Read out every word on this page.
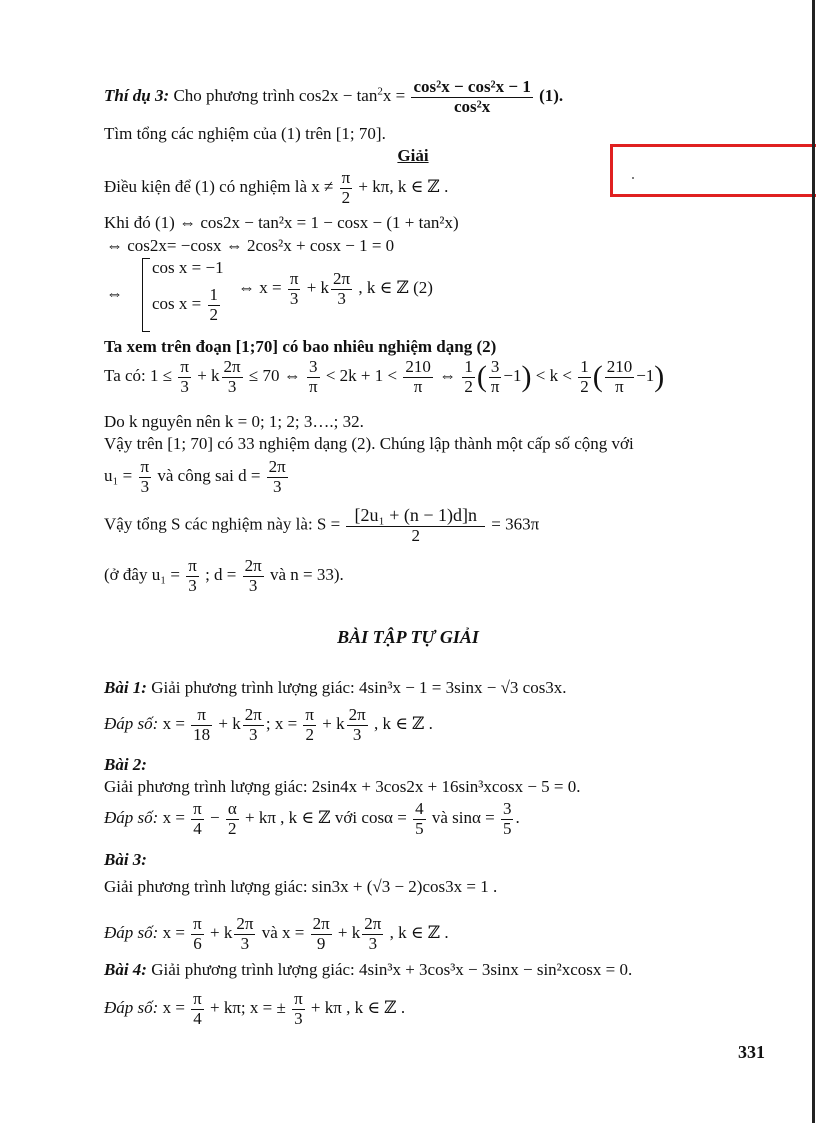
Thí dụ 3: Cho phương trình $\cos 2x - \tan^2x = \frac{\text{cos²x − cos²x − 1}}{\text{cos²x}} (1)$.
Tìm tổng các nghiệm của (1) trên [1; 70].
Giải
Điều kiện để (1) có nghiệm là $x \ne \frac{\pi}{2} + k\pi$, k ∈ ℤ .
Khi đó (1) ⇔ cos2x − tan²x = 1 − cosx − (1 + tan²x)
⇔ cos2x= −cosx ⇔ 2cos²x + cosx − 1 = 0
⇔
cos x = −1
$\cos x = \frac{1}{2}$ ⇔ $x = \frac{\pi}{3} + k \frac{2\pi}{3}$ , k ∈ ℤ (2)
Ta xem trên đoạn [1;70] có bao nhiêu nghiệm dạng (2)
Ta có: $1 \le \frac{\pi}{3} + k \frac{2\pi}{3} \le 70$ ⇔ $\frac{3}{\pi} < 2k + 1 < \frac{210}{\pi}$ ⇔ $\frac{1}{2}$ ( $\frac{3}{\pi} -1) < k < \frac{1}{2}$ ( $\frac{210}{\pi} -1$)
Do k nguyên nên k = 0; 1; 2; 3….; 32.
Vậy trên [1; 70] có 33 nghiệm dạng (2). Chúng lập thành một cấp số cộng với
$u_1 = \frac{\pi}{3}$ và công sai $d = \frac{2\pi}{3}$
Vậy tổng S các nghiệm này là: $S = \frac{\text{[2u₁ + (n − 1)d]n}}{2} = 363\pi$
(ở đây $u_1 = \frac{\pi}{3}$ ; $d = \frac{2\pi}{3}$ và n = 33).
BÀI TẬP TỰ GIẢI
Bài 1: Giải phương trình lượng giác: 4sin³x − 1 = 3sinx − √3 cos3x.
Đáp số: $x = \frac{\pi}{18} + k \frac{2\pi}{3}$ ; $x = \frac{\pi}{2} + k \frac{2\pi}{3}$ , k ∈ ℤ .
Bài 2:
Giải phương trình lượng giác: 2sin4x + 3cos2x + 16sin³xcosx − 5 = 0.
Đáp số: $x = \frac{\pi}{4} - \frac{\alpha}{2} + k\pi$ , k ∈ ℤ với $\cos\alpha = \frac{4}{5}$ và $\sin\alpha = \frac{3}{5}$ .
Bài 3:
Giải phương trình lượng giác: sin3x + (√3 − 2)cos3x = 1 .
Đáp số: $x = \frac{\pi}{6} + k \frac{2\pi}{3}$ và $x = \frac{2\pi}{9} + k \frac{2\pi}{3}$ , k ∈ ℤ .
Bài 4: Giải phương trình lượng giác: 4sin³x + 3cos³x − 3sinx − sin²xcosx = 0.
Đáp số: $x = \frac{\pi}{4} + k\pi$; x = ± $\frac{\pi}{3} + k\pi$ , k ∈ ℤ .
331
